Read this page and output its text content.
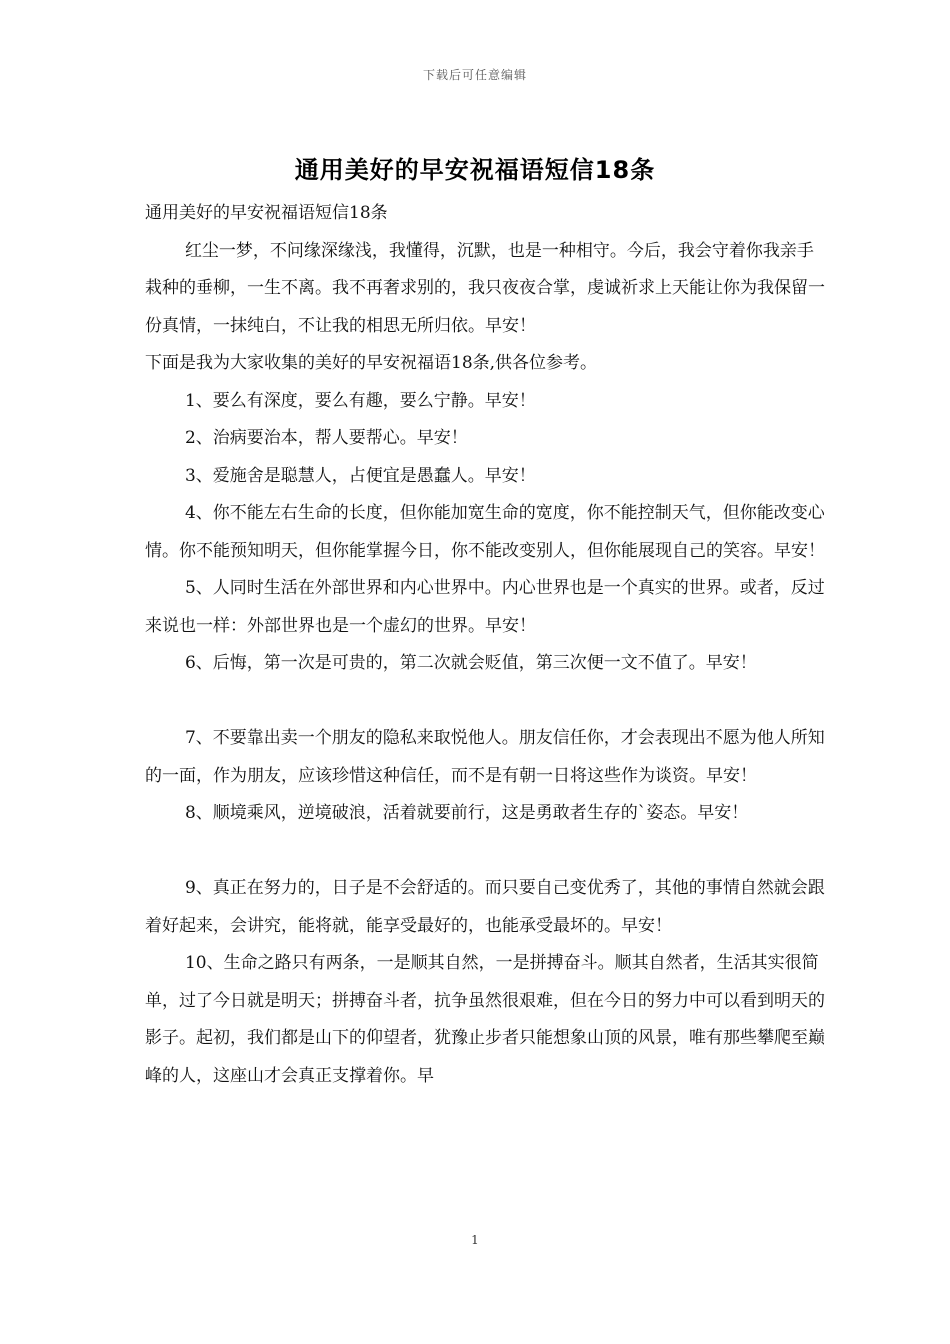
下载后可任意编辑
通用美好的早安祝福语短信18条

通用美好的早安祝福语短信18条

红尘一梦，不问缘深缘浅，我懂得，沉默，也是一种相守。今后，我会守着你我亲手栽种的垂柳，一生不离。我不再奢求别的，我只夜夜合掌，虔诚祈求上天能让你为我保留一份真情，一抹纯白，不让我的相思无所归依。早安！

下面是我为大家收集的美好的早安祝福语18条,供各位参考。

1、要么有深度，要么有趣，要么宁静。早安！

2、治病要治本，帮人要帮心。早安！

3、爱施舍是聪慧人，占便宜是愚蠢人。早安！

4、你不能左右生命的长度，但你能加宽生命的宽度，你不能控制天气，但你能改变心情。你不能预知明天，但你能掌握今日，你不能改变别人，但你能展现自己的笑容。早安！

5、人同时生活在外部世界和内心世界中。内心世界也是一个真实的世界。或者，反过来说也一样：外部世界也是一个虚幻的世界。早安！

6、后悔，第一次是可贵的，第二次就会贬值，第三次便一文不值了。早安！

7、不要靠出卖一个朋友的隐私来取悦他人。朋友信任你，才会表现出不愿为他人所知的一面，作为朋友，应该珍惜这种信任，而不是有朝一日将这些作为谈资。早安！

8、顺境乘风，逆境破浪，活着就要前行，这是勇敢者生存的`姿态。早安！

9、真正在努力的，日子是不会舒适的。而只要自己变优秀了，其他的事情自然就会跟着好起来，会讲究，能将就，能享受最好的，也能承受最坏的。早安！

10、生命之路只有两条，一是顺其自然，一是拼搏奋斗。顺其自然者，生活其实很简单，过了今日就是明天；拼搏奋斗者，抗争虽然很艰难，但在今日的努力中可以看到明天的影子。起初，我们都是山下的仰望者，犹豫止步者只能想象山顶的风景，唯有那些攀爬至巅峰的人，这座山才会真正支撑着你。早

1
